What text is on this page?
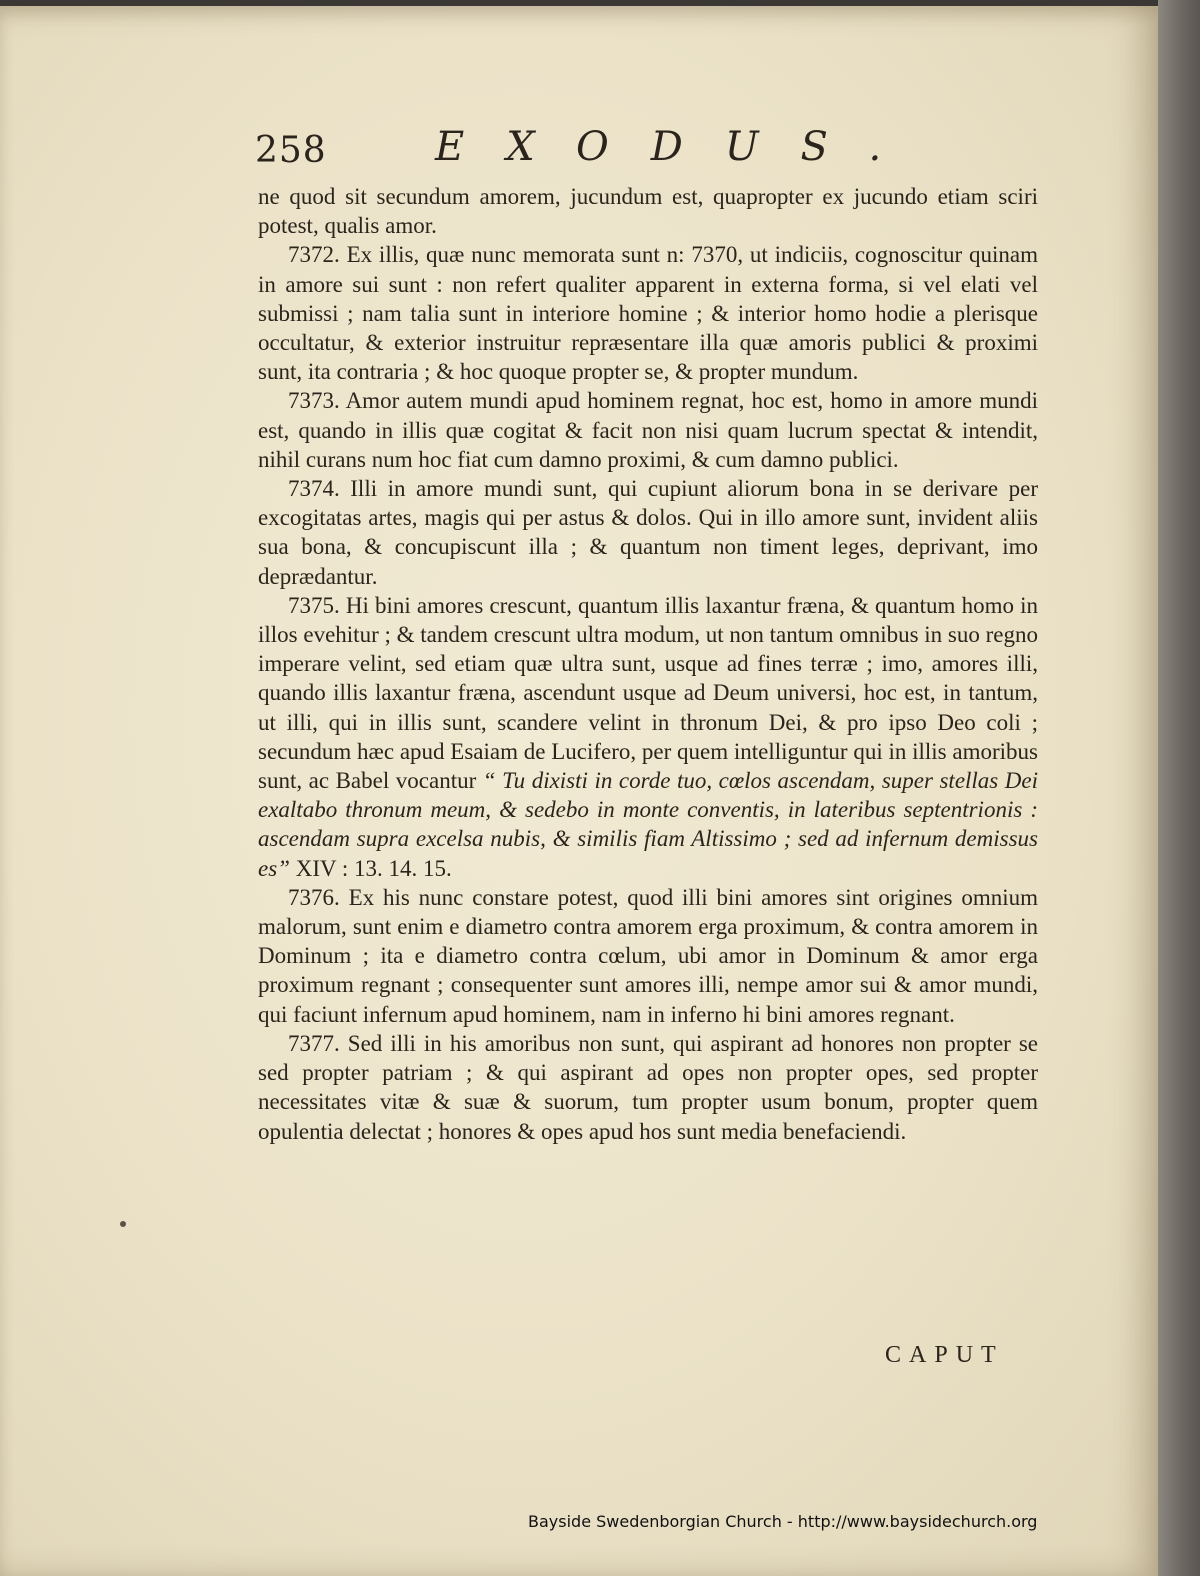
258	EXODUS.

ne quod sit secundum amorem, jucundum est, quapropter ex jucundo etiam sciri potest, qualis amor.

7372. Ex illis, quæ nunc memorata sunt n: 7370, ut indiciis, cognoscitur quinam in amore sui sunt : non refert qualiter apparent in externa forma, si vel elati vel submissi ; nam talia sunt in interiore homine ; & interior homo hodie a plerisque occultatur, & exterior instruitur repræsentare illa quæ amoris publici & proximi sunt, ita contraria ; & hoc quoque propter se, & propter mundum.

7373. Amor autem mundi apud hominem regnat, hoc est, homo in amore mundi est, quando in illis quæ cogitat & facit non nisi quam lucrum spectat & intendit, nihil curans num hoc fiat cum damno proximi, & cum damno publici.

7374. Illi in amore mundi sunt, qui cupiunt aliorum bona in se derivare per excogitatas artes, magis qui per astus & dolos. Qui in illo amore sunt, invident aliis sua bona, & concupiscunt illa ; & quantum non timent leges, deprivant, imo deprædantur.

7375. Hi bini amores crescunt, quantum illis laxantur fræna, & quantum homo in illos evehitur ; & tandem crescunt ultra modum, ut non tantum omnibus in suo regno imperare velint, sed etiam quæ ultra sunt, usque ad fines terræ ; imo, amores illi, quando illis laxantur fræna, ascendunt usque ad Deum universi, hoc est, in tantum, ut illi, qui in illis sunt, scandere velint in thronum Dei, & pro ipso Deo coli ; secundum hæc apud Esaiam de Lucifero, per quem intelliguntur qui in illis amoribus sunt, ac Babel vocantur “ Tu dixisti in corde tuo, cœlos ascendam, super stellas Dei exaltabo thronum meum, & sedebo in monte conventis, in lateribus septentrionis : ascendam supra excelsa nubis, & similis fiam Altissimo ; sed ad infernum demissus es” XIV : 13. 14. 15.

7376. Ex his nunc constare potest, quod illi bini amores sint origines omnium malorum, sunt enim e diametro contra amorem erga proximum, & contra amorem in Dominum ; ita e diametro contra cœlum, ubi amor in Dominum & amor erga proximum regnant ; consequenter sunt amores illi, nempe amor sui & amor mundi, qui faciunt infernum apud hominem, nam in inferno hi bini amores regnant.

7377. Sed illi in his amoribus non sunt, qui aspirant ad honores non propter se sed propter patriam ; & qui aspirant ad opes non propter opes, sed propter necessitates vitæ & suæ & suorum, tum propter usum bonum, propter quem opulentia delectat ; honores & opes apud hos sunt media benefaciendi.

CAPUT
Bayside Swedenborgian Church - http://www.baysidechurch.org
